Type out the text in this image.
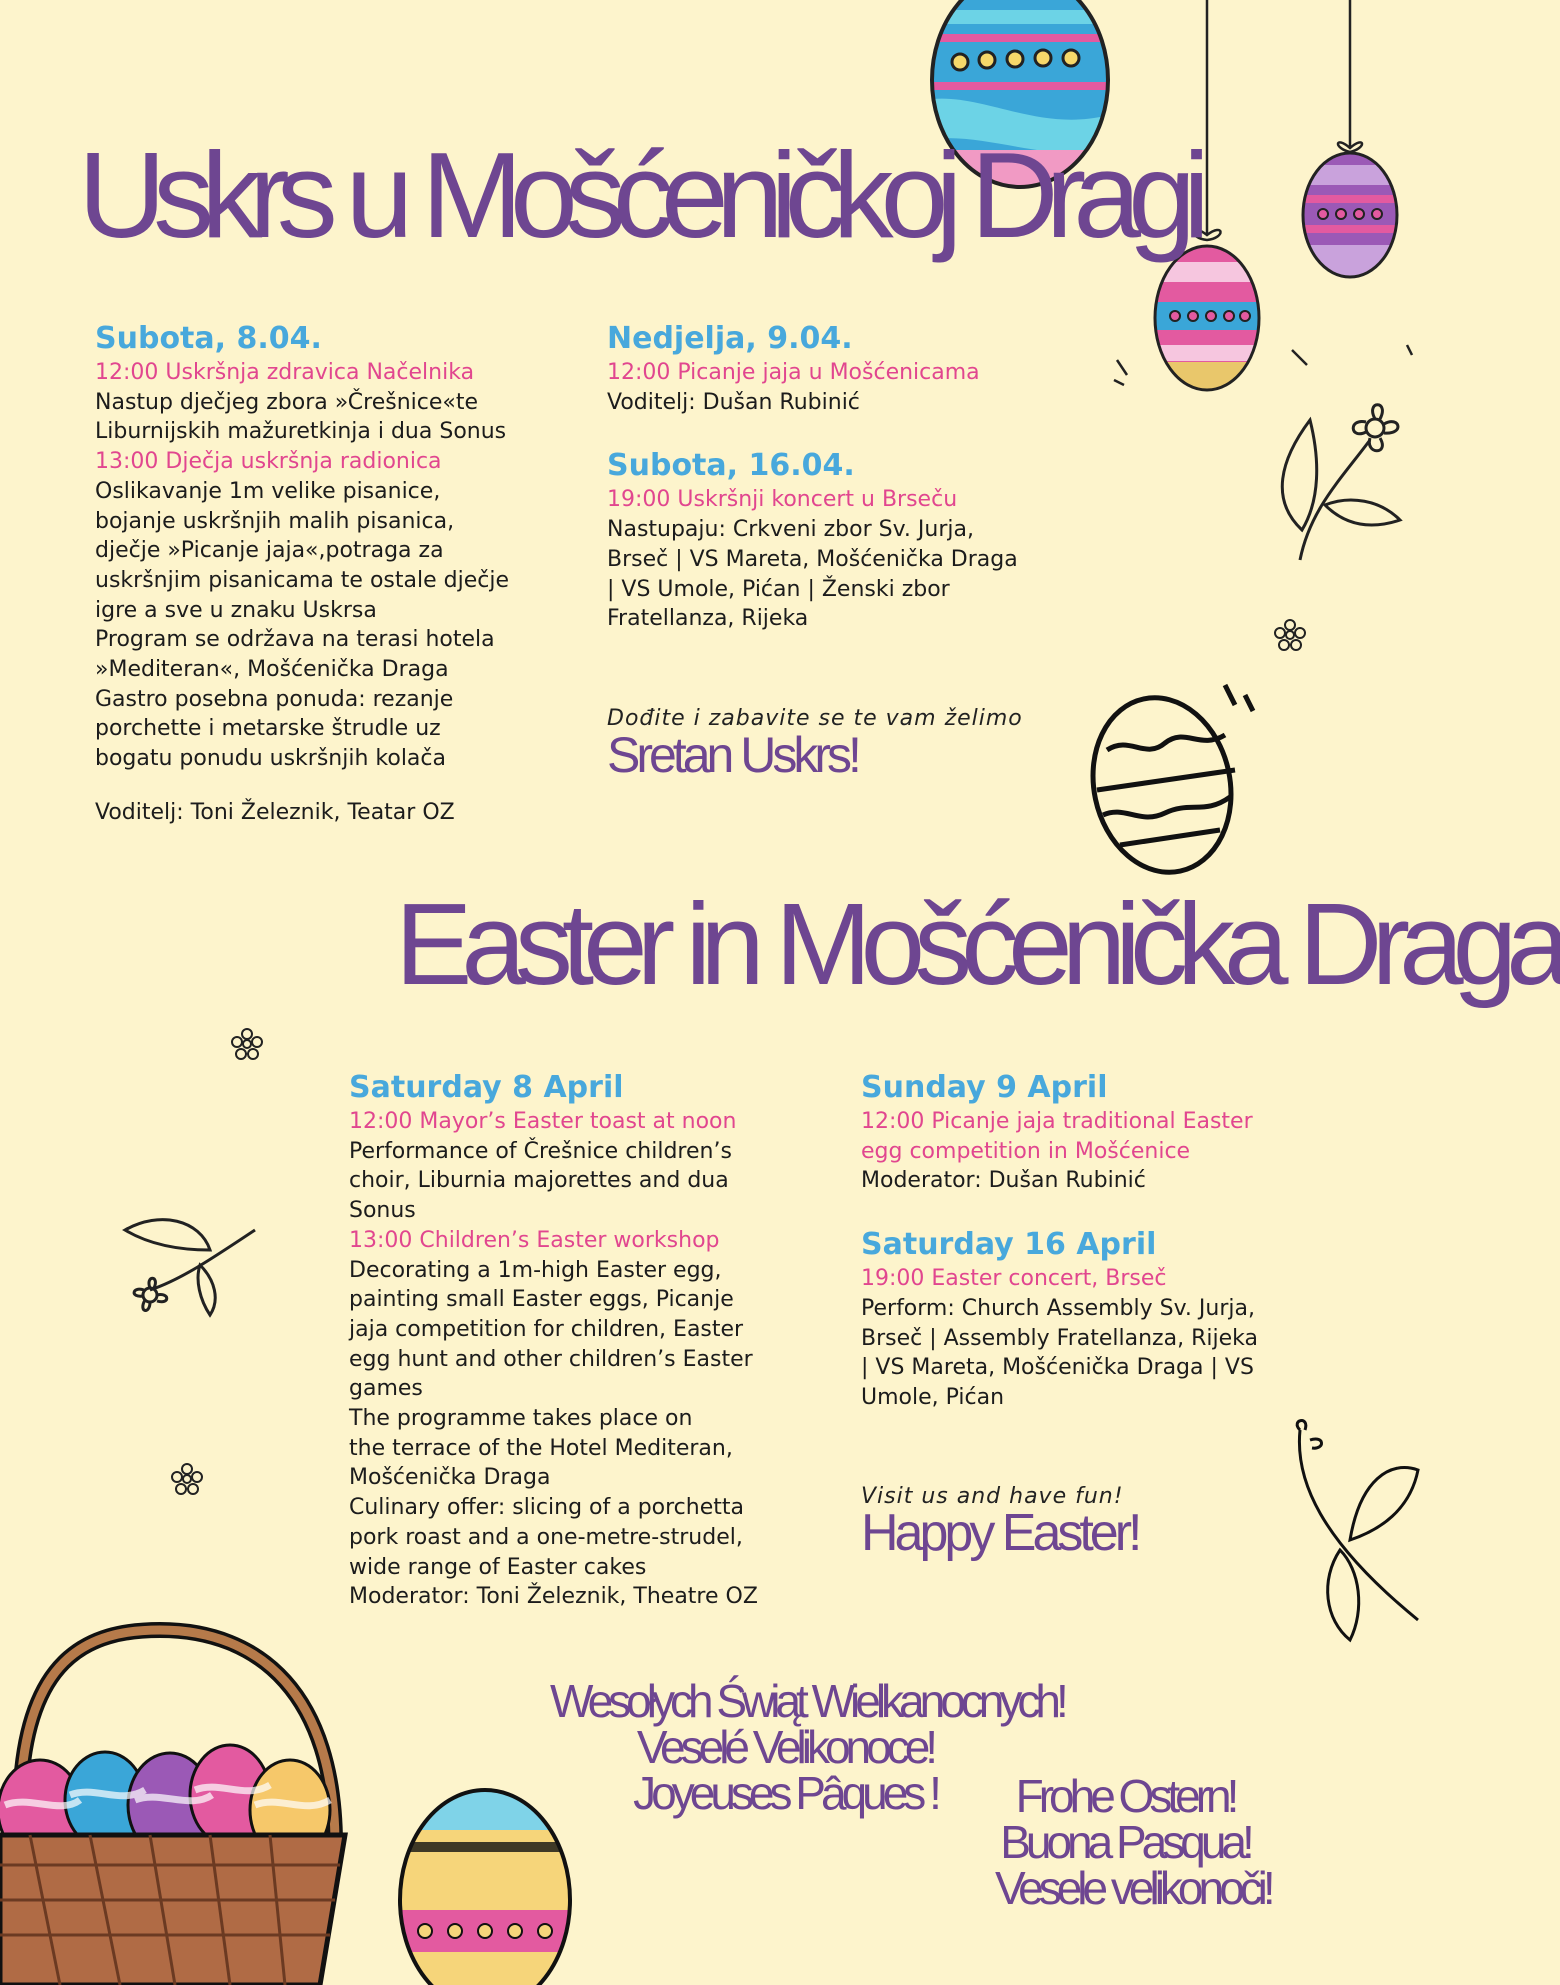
Uskrs u Mošćeničkoj Dragi
Subota, 8.04.
12:00 Uskršnja zdravica Načelnika
Nastup dječjeg zbora »Črešnice«te
Liburnijskih mažuretkinja i dua Sonus
13:00 Dječja uskršnja radionica
Oslikavanje 1m velike pisanice,
bojanje uskršnjih malih pisanica,
dječje »Picanje jaja«,potraga za
uskršnjim pisanicama te ostale dječje
igre a sve u znaku Uskrsa
Program se održava na terasi hotela
»Mediteran«, Mošćenička Draga
Gastro posebna ponuda: rezanje
porchette i metarske štrudle uz
bogatu ponudu uskršnjih kolača
Voditelj: Toni Železnik, Teatar OZ
Nedjelja, 9.04.
12:00 Picanje jaja u Mošćenicama
Voditelj: Dušan Rubinić
Subota, 16.04.
19:00 Uskršnji koncert u Brseču
Nastupaju: Crkveni zbor Sv. Jurja,
Brseč | VS Mareta, Mošćenička Draga
| VS Umole, Pićan | Ženski zbor
Fratellanza, Rijeka
Dođite i zabavite se te vam želimo
Sretan Uskrs!
Easter in Mošćenička Draga
Saturday 8 April
12:00 Mayor’s Easter toast at noon
Performance of Črešnice children’s
choir, Liburnia majorettes and dua
Sonus
13:00 Children’s Easter workshop
Decorating a 1m-high Easter egg,
painting small Easter eggs, Picanje
jaja competition for children, Easter
egg hunt and other children’s Easter
games
The programme takes place on
the terrace of the Hotel Mediteran,
Mošćenička Draga
Culinary offer: slicing of a porchetta
pork roast and a one-metre-strudel,
wide range of Easter cakes
Moderator: Toni Železnik, Theatre OZ
Sunday 9 April
12:00 Picanje jaja traditional Easter
egg competition in Mošćenice
Moderator: Dušan Rubinić
Saturday 16 April
19:00 Easter concert, Brseč
Perform: Church Assembly Sv. Jurja,
Brseč | Assembly Fratellanza, Rijeka
| VS Mareta, Mošćenička Draga | VS
Umole, Pićan
Visit us and have fun!
Happy Easter!
Wesołych Świąt Wielkanocnych!
Veselé Velikonoce!
Joyeuses Pâques !	Frohe Ostern!
Buona Pasqua!
Vesele velikonoči!
